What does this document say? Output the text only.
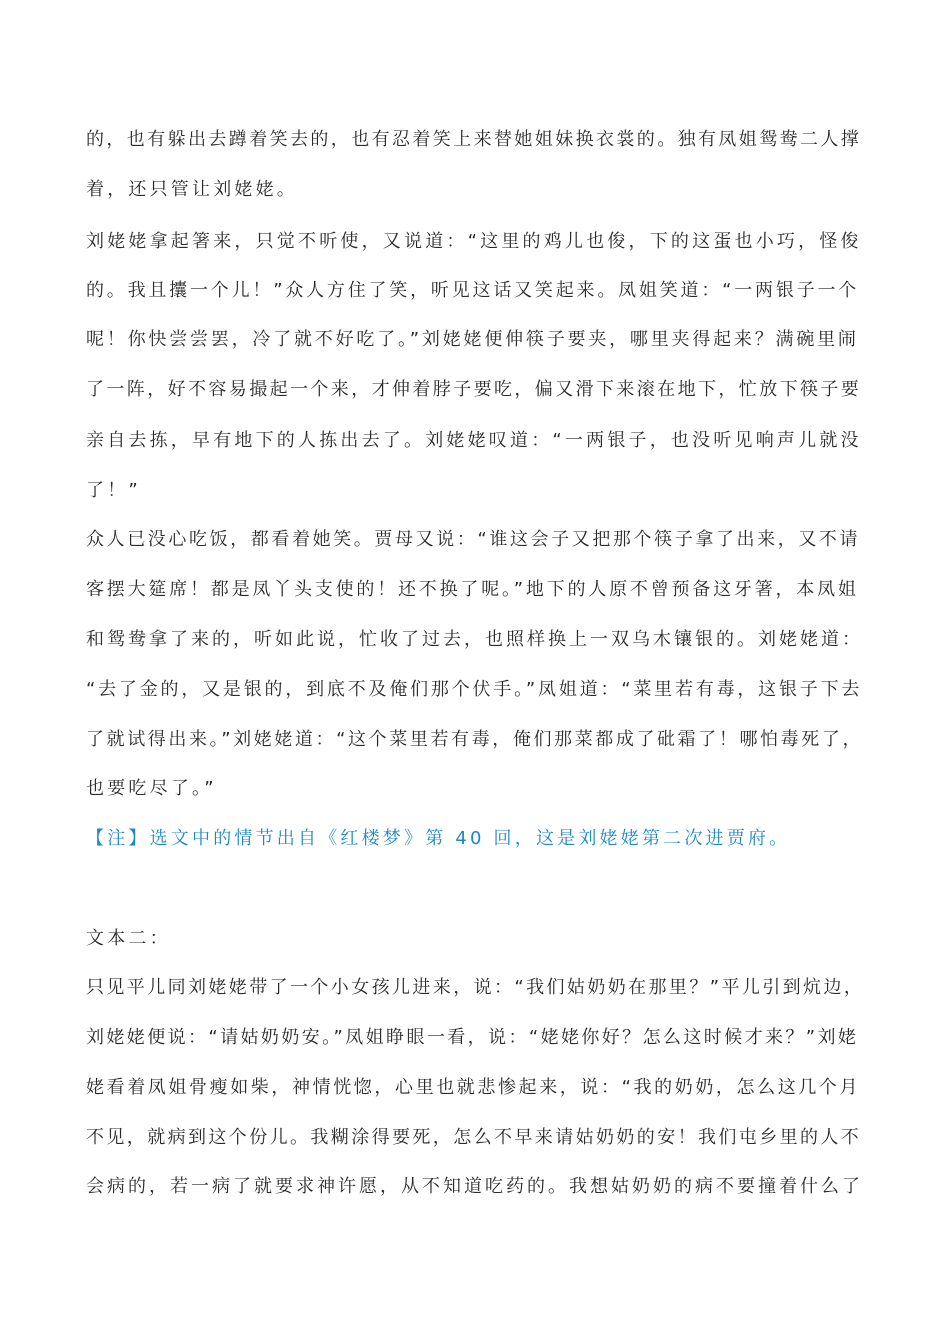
的，也有躲出去蹲着笑去的，也有忍着笑上来替她姐妹换衣裳的。独有凤姐鸳鸯二人撑
着，还只管让刘姥姥。
刘姥姥拿起箸来，只觉不听使，又说道：“这里的鸡儿也俊，下的这蛋也小巧，怪俊
的。我且攮一个儿！”众人方住了笑，听见这话又笑起来。凤姐笑道：“一两银子一个
呢！你快尝尝罢，冷了就不好吃了。”刘姥姥便伸筷子要夹，哪里夹得起来？满碗里闹
了一阵，好不容易撮起一个来，才伸着脖子要吃，偏又滑下来滚在地下，忙放下筷子要
亲自去拣，早有地下的人拣出去了。刘姥姥叹道：“一两银子，也没听见响声儿就没
了！”
众人已没心吃饭，都看着她笑。贾母又说：“谁这会子又把那个筷子拿了出来，又不请
客摆大筵席！都是凤丫头支使的！还不换了呢。”地下的人原不曾预备这牙箸，本凤姐
和鸳鸯拿了来的，听如此说，忙收了过去，也照样换上一双乌木镶银的。刘姥姥道：
“去了金的，又是银的，到底不及俺们那个伏手。”凤姐道：“菜里若有毒，这银子下去
了就试得出来。”刘姥姥道：“这个菜里若有毒，俺们那菜都成了砒霜了！哪怕毒死了，
也要吃尽了。”
【注】选文中的情节出自《红楼梦》第 40 回，这是刘姥姥第二次进贾府。
文本二：
只见平儿同刘姥姥带了一个小女孩儿进来，说：“我们姑奶奶在那里？”平儿引到炕边，
刘姥姥便说：“请姑奶奶安。”凤姐睁眼一看，说：“姥姥你好？怎么这时候才来？”刘姥
姥看着凤姐骨瘦如柴，神情恍惚，心里也就悲惨起来，说：“我的奶奶，怎么这几个月
不见，就病到这个份儿。我糊涂得要死，怎么不早来请姑奶奶的安！我们屯乡里的人不
会病的，若一病了就要求神许愿，从不知道吃药的。我想姑奶奶的病不要撞着什么了
